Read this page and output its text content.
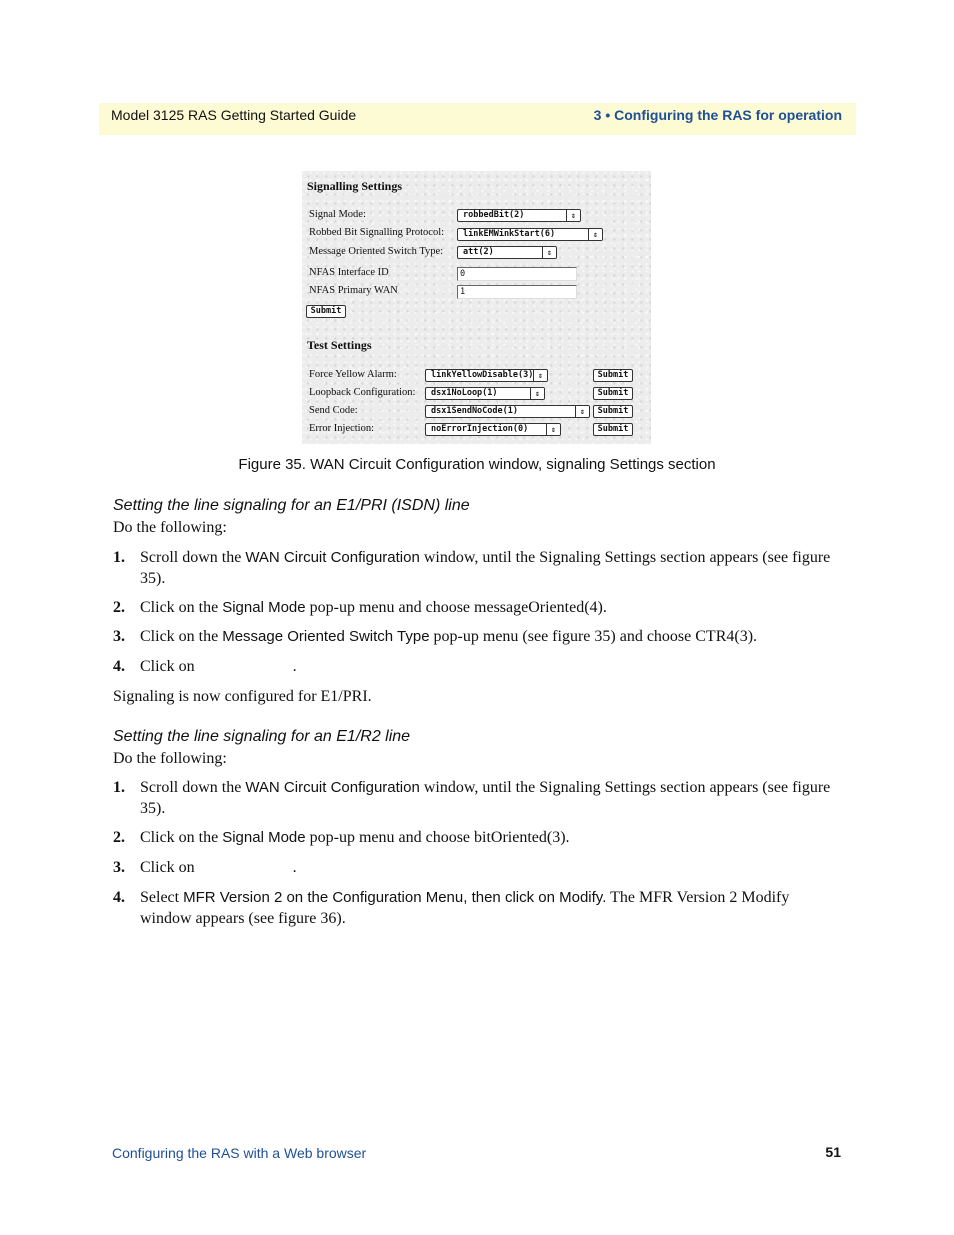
Model 3125 RAS Getting Started Guide	3 • Configuring the RAS for operation
Signalling Settings
Signal Mode:	robbedBit(2)	⇕
Robbed Bit Signalling Protocol:	linkEMWinkStart(6)	⇕
Message Oriented Switch Type:	att(2)	⇕
NFAS Interface ID	0
NFAS Primary WAN	1
Submit
Test Settings
Force Yellow Alarm:	linkYellowDisable(3) ⇕	Submit
Loopback Configuration:	dsx1NoLoop(1)	⇕	Submit
Send Code:	dsx1SendNoCode(1)	⇕	Submit
Error Injection:	noErrorInjection(0)	⇕	Submit
Figure 35. WAN Circuit Configuration window, signaling Settings section
Setting the line signaling for an E1/PRI (ISDN) line
Do the following:
1. Scroll down the WAN Circuit Configuration window, until the Signaling Settings section appears (see figure 35).
2. Click on the Signal Mode pop-up menu and choose messageOriented(4).
3. Click on the Message Oriented Switch Type pop-up menu (see figure 35) and choose CTR4(3).
4. Click on	.
Signaling is now configured for E1/PRI.
Setting the line signaling for an E1/R2 line
Do the following:
1. Scroll down the WAN Circuit Configuration window, until the Signaling Settings section appears (see figure 35).
2. Click on the Signal Mode pop-up menu and choose bitOriented(3).
3. Click on	.
4. Select MFR Version 2 on the Configuration Menu, then click on Modify. The MFR Version 2 Modify window appears (see figure 36).
Configuring the RAS with a Web browser	51
